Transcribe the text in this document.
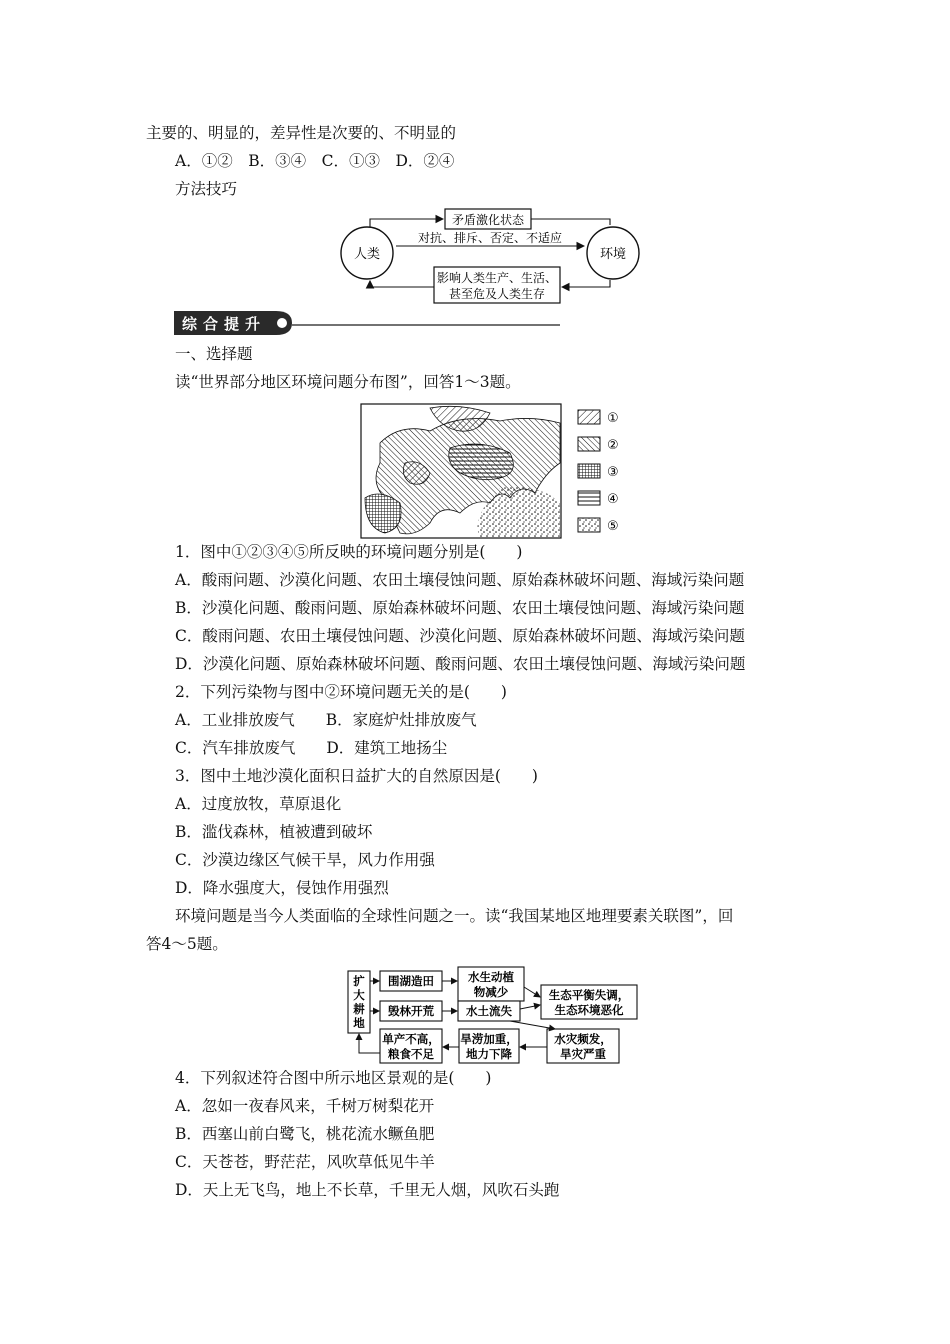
主要的、明显的，差异性是次要的、不明显的
A．①②　B．③④　C．①③　D．②④
方法技巧
人类	环境
矛盾激化状态
对抗、排斥、否定、不适应
影响人类生产、生活、
甚至危及人类生存
综合提升
一、选择题
读“世界部分地区环境问题分布图”，回答1～3题。
①
②
③
④
⑤
1．图中①②③④⑤所反映的环境问题分别是(　　)
A．酸雨问题、沙漠化问题、农田土壤侵蚀问题、原始森林破坏问题、海域污染问题
B．沙漠化问题、酸雨问题、原始森林破坏问题、农田土壤侵蚀问题、海域污染问题
C．酸雨问题、农田土壤侵蚀问题、沙漠化问题、原始森林破坏问题、海域污染问题
D．沙漠化问题、原始森林破坏问题、酸雨问题、农田土壤侵蚀问题、海域污染问题
2．下列污染物与图中②环境问题无关的是(　　)
A．工业排放废气　　B．家庭炉灶排放废气
C．汽车排放废气　　D．建筑工地扬尘
3．图中土地沙漠化面积日益扩大的自然原因是(　　)
A．过度放牧，草原退化
B．滥伐森林，植被遭到破坏
C．沙漠边缘区气候干旱，风力作用强
D．降水强度大，侵蚀作用强烈
环境问题是当今人类面临的全球性问题之一。读“我国某地区地理要素关联图”，回
答4～5题。
扩
大
耕
地
围湖造田	水生动植
物减少	生态平衡失调，
生态环境恶化
毁林开荒	水土流失
水灾频发，
旱灾严重
旱涝加重，
地力下降
单产不高，
粮食不足
4．下列叙述符合图中所示地区景观的是(　　)
A．忽如一夜春风来，千树万树梨花开
B．西塞山前白鹭飞，桃花流水鳜鱼肥
C．天苍苍，野茫茫，风吹草低见牛羊
D．天上无飞鸟，地上不长草，千里无人烟，风吹石头跑
